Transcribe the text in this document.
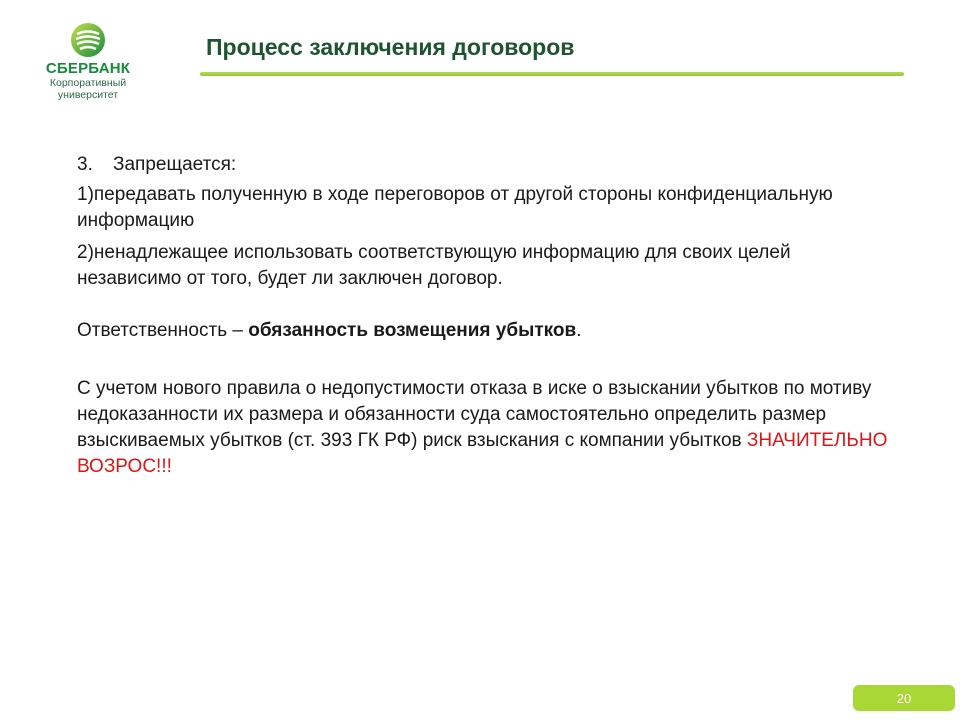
СБЕРБАНК
Корпоративный
университет
Процесс заключения договоров

3. Запрещается:

1)передавать полученную в ходе переговоров от другой стороны конфиденциальную информацию

2)ненадлежащее использовать соответствующую информацию для своих целей независимо от того, будет ли заключен договор.

Ответственность – обязанность возмещения убытков.

С учетом нового правила о недопустимости отказа в иске о взыскании убытков по мотиву недоказанности их размера и обязанности суда самостоятельно определить размер взыскиваемых убытков (ст. 393 ГК РФ) риск взыскания с компании убытков ЗНАЧИТЕЛЬНО ВОЗРОС!!!

20
